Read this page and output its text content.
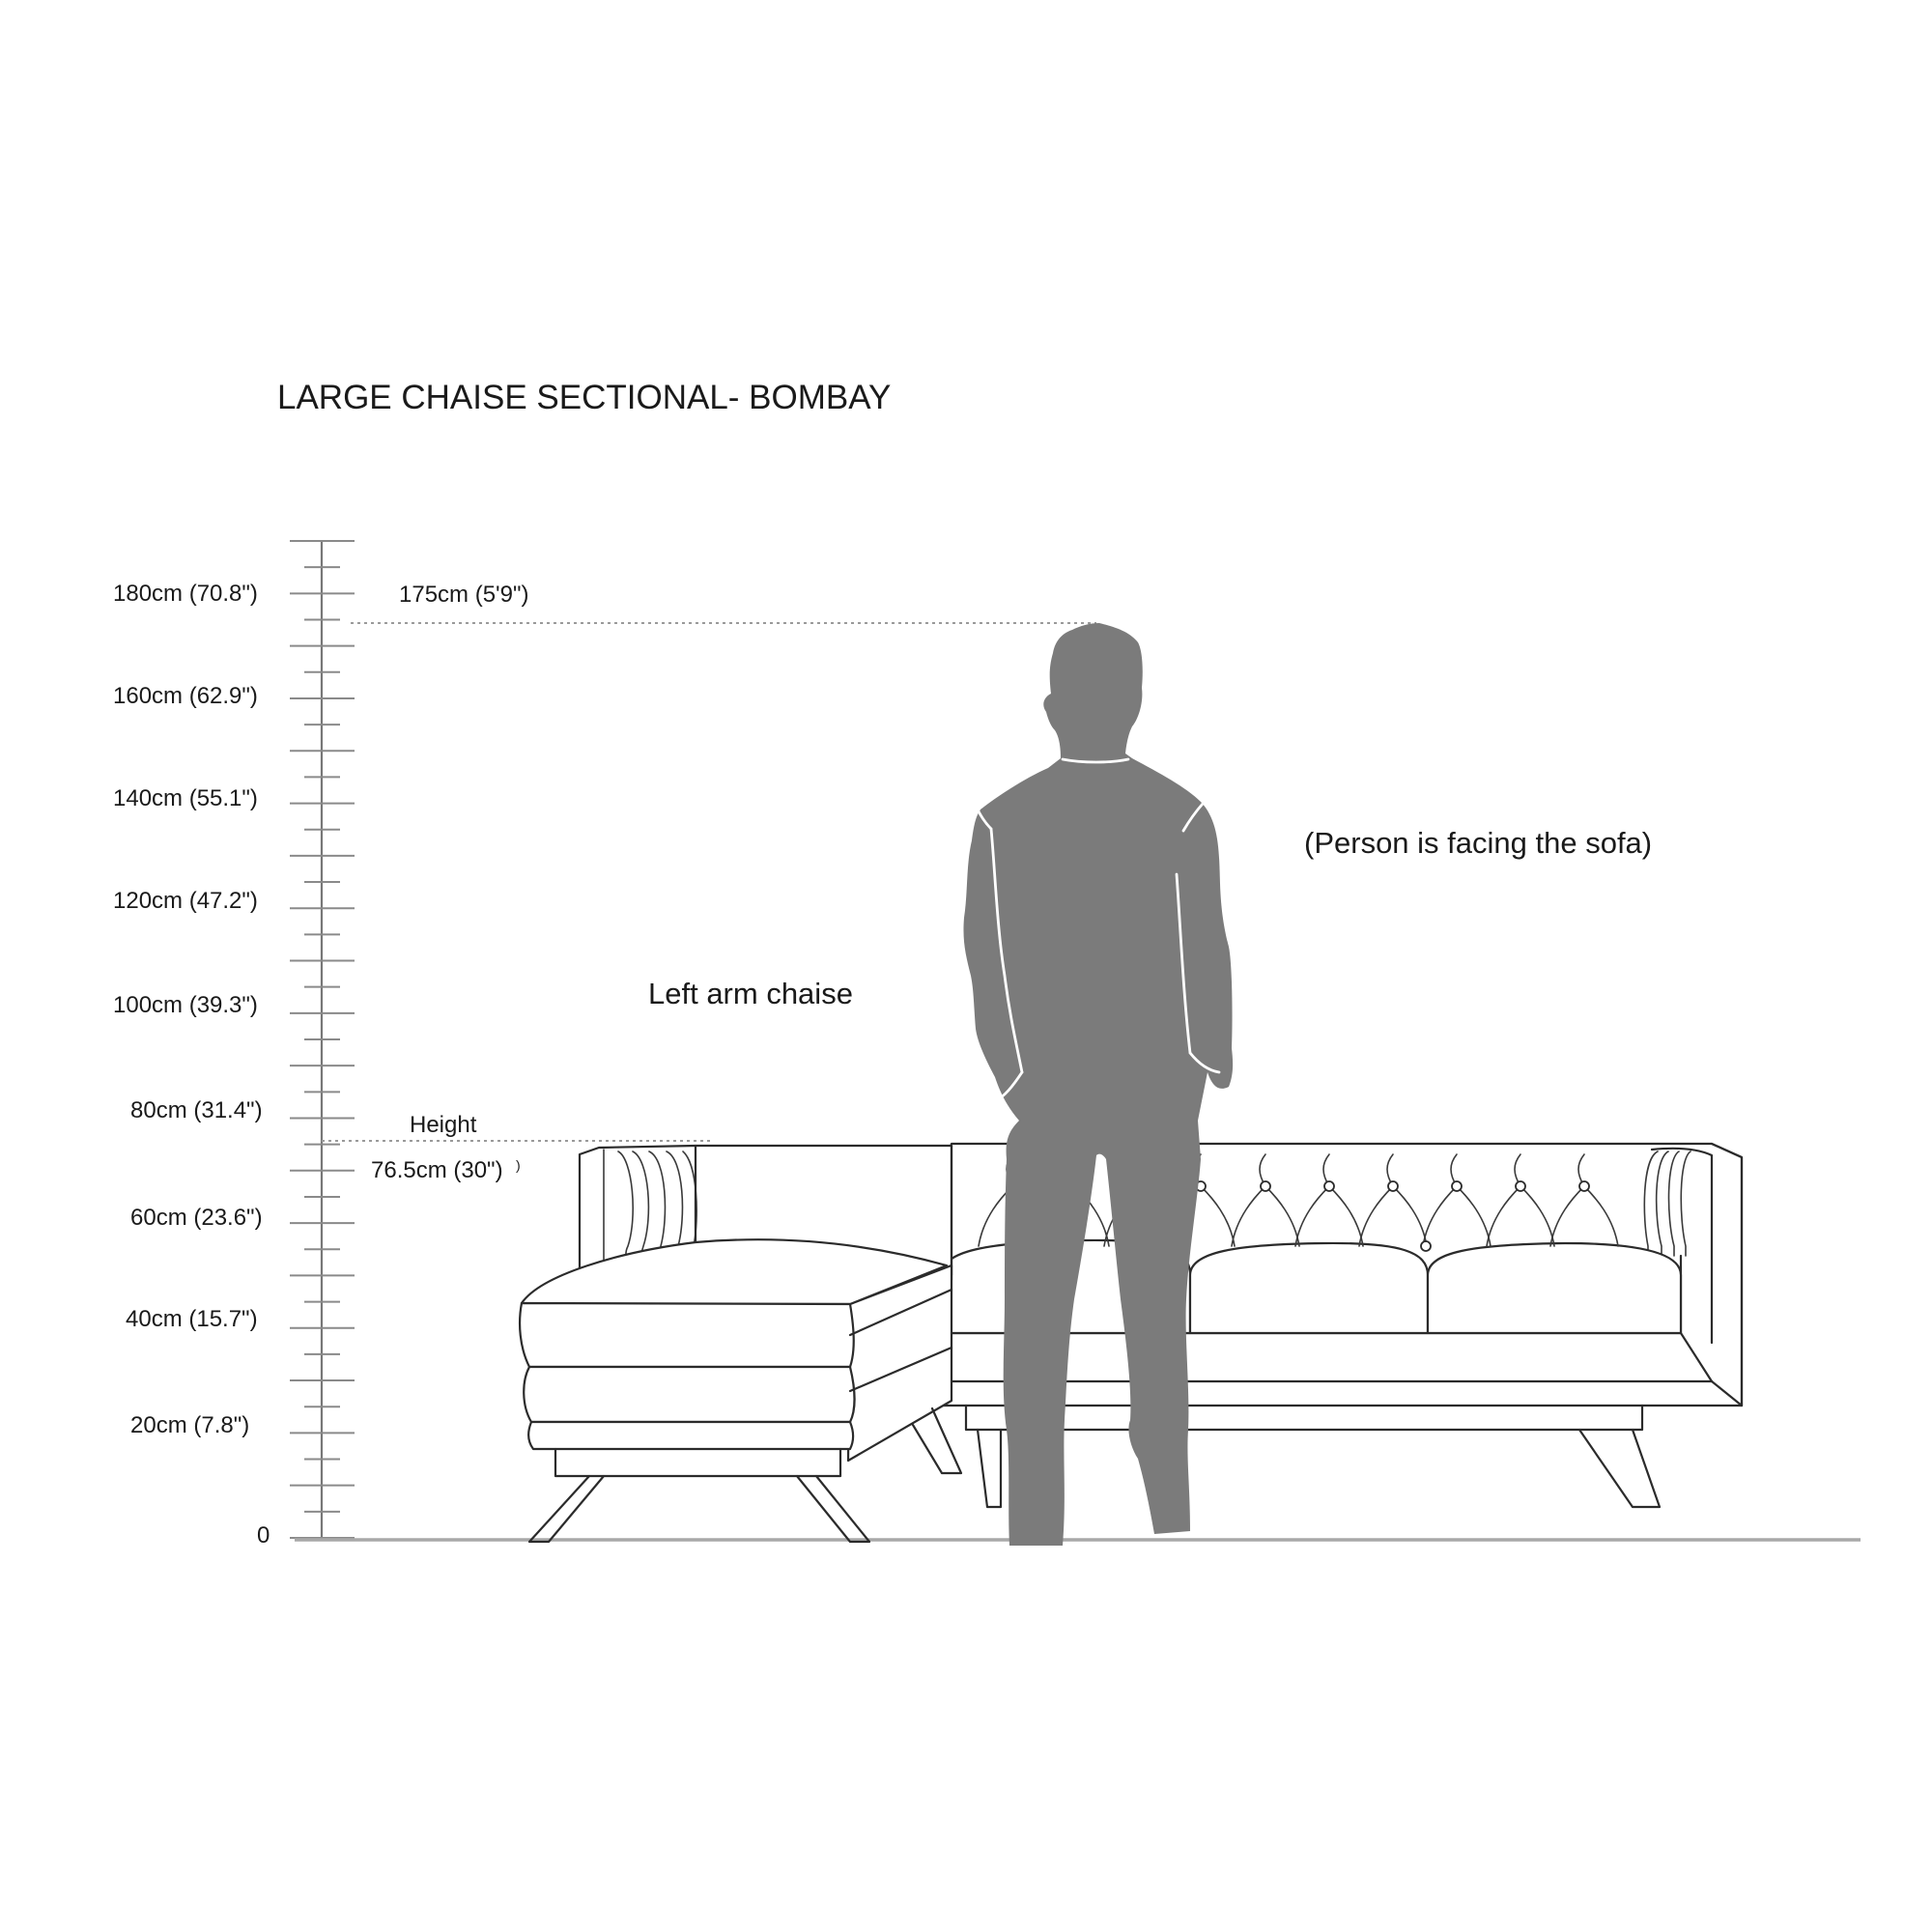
LARGE CHAISE SECTIONAL- BOMBAY
180cm (70.8")
160cm (62.9")
140cm (55.1")
120cm (47.2")
100cm (39.3")
80cm (31.4")
60cm (23.6")
40cm (15.7")
20cm (7.8")
0
175cm (5'9")
Height
76.5cm (30") )
Left arm chaise
(Person is facing the sofa)
